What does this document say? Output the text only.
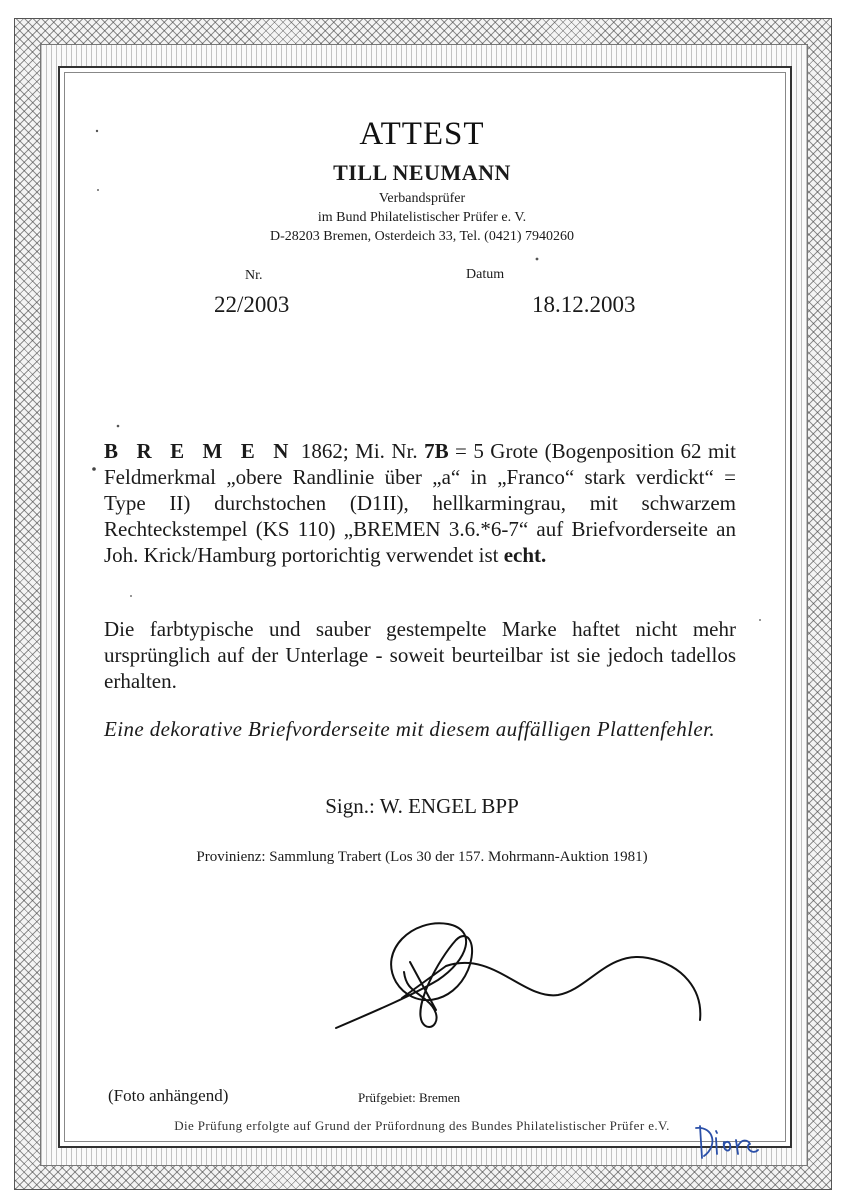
ATTEST
TILL NEUMANN
Verbandsprüfer
im Bund Philatelistischer Prüfer e. V.
D-28203 Bremen, Osterdeich 33, Tel. (0421) 7940260
Nr.	Datum
22/2003	18.12.2003
B R E M E N 1862; Mi. Nr. 7B = 5 Grote (Bogenposition 62 mit Feldmerkmal „obere Randlinie über „a“ in „Franco“ stark verdickt“ = Type II) durchstochen (D1II), hellkarmingrau, mit schwarzem Rechteckstempel (KS 110) „BREMEN 3.6.*6-7“ auf Briefvorderseite an Joh. Krick/Hamburg portorichtig verwendet ist echt.
Die farbtypische und sauber gestempelte Marke haftet nicht mehr ursprünglich auf der Unterlage - soweit beurteilbar ist sie jedoch tadellos erhalten.
Eine dekorative Briefvorderseite mit diesem auffälligen Plattenfehler.
Sign.: W. ENGEL BPP
Provinienz: Sammlung Trabert (Los 30 der 157. Mohrmann-Auktion 1981)
(Foto anhängend)	Prüfgebiet: Bremen
Die Prüfung erfolgte auf Grund der Prüfordnung des Bundes Philatelistischer Prüfer e.V.
